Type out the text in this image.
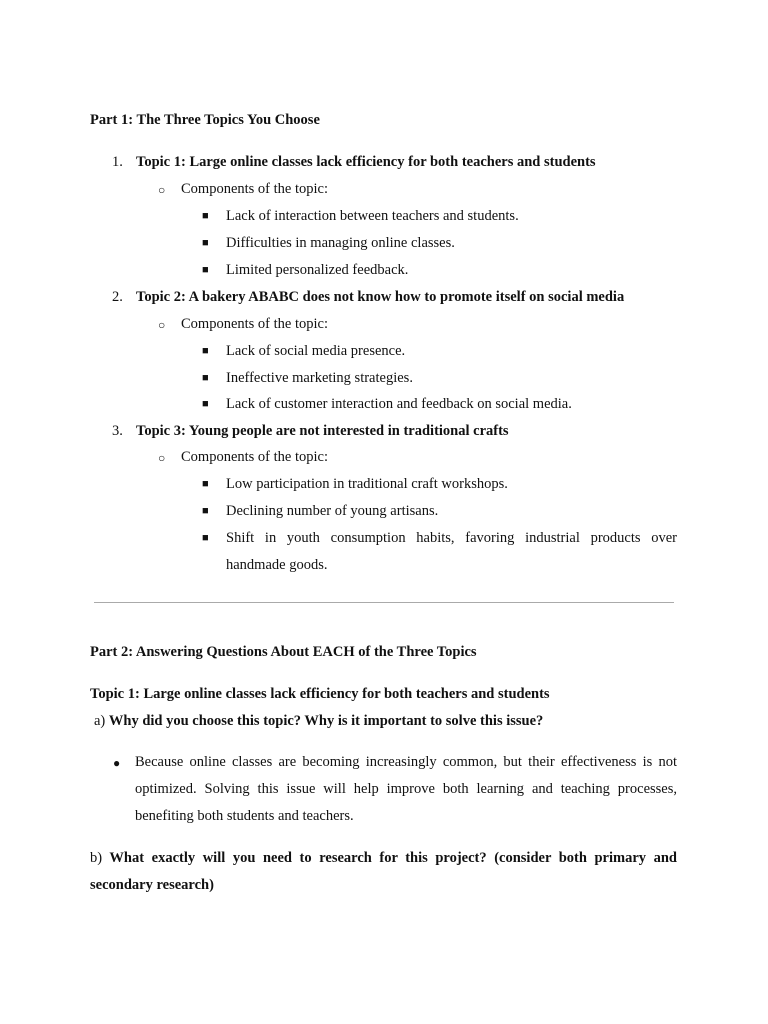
Part 1: The Three Topics You Choose
1. Topic 1: Large online classes lack efficiency for both teachers and students
○ Components of the topic:
■ Lack of interaction between teachers and students.
■ Difficulties in managing online classes.
■ Limited personalized feedback.
2. Topic 2: A bakery ABABC does not know how to promote itself on social media
○ Components of the topic:
■ Lack of social media presence.
■ Ineffective marketing strategies.
■ Lack of customer interaction and feedback on social media.
3. Topic 3: Young people are not interested in traditional crafts
○ Components of the topic:
■ Low participation in traditional craft workshops.
■ Declining number of young artisans.
■ Shift in youth consumption habits, favoring industrial products over
handmade goods.
Part 2: Answering Questions About EACH of the Three Topics
Topic 1: Large online classes lack efficiency for both teachers and students
a) Why did you choose this topic? Why is it important to solve this issue?
● Because online classes are becoming increasingly common, but their effectiveness is not optimized. Solving this issue will help improve both learning and teaching processes, benefiting both students and teachers.
b) What exactly will you need to research for this project? (consider both primary and secondary research)
